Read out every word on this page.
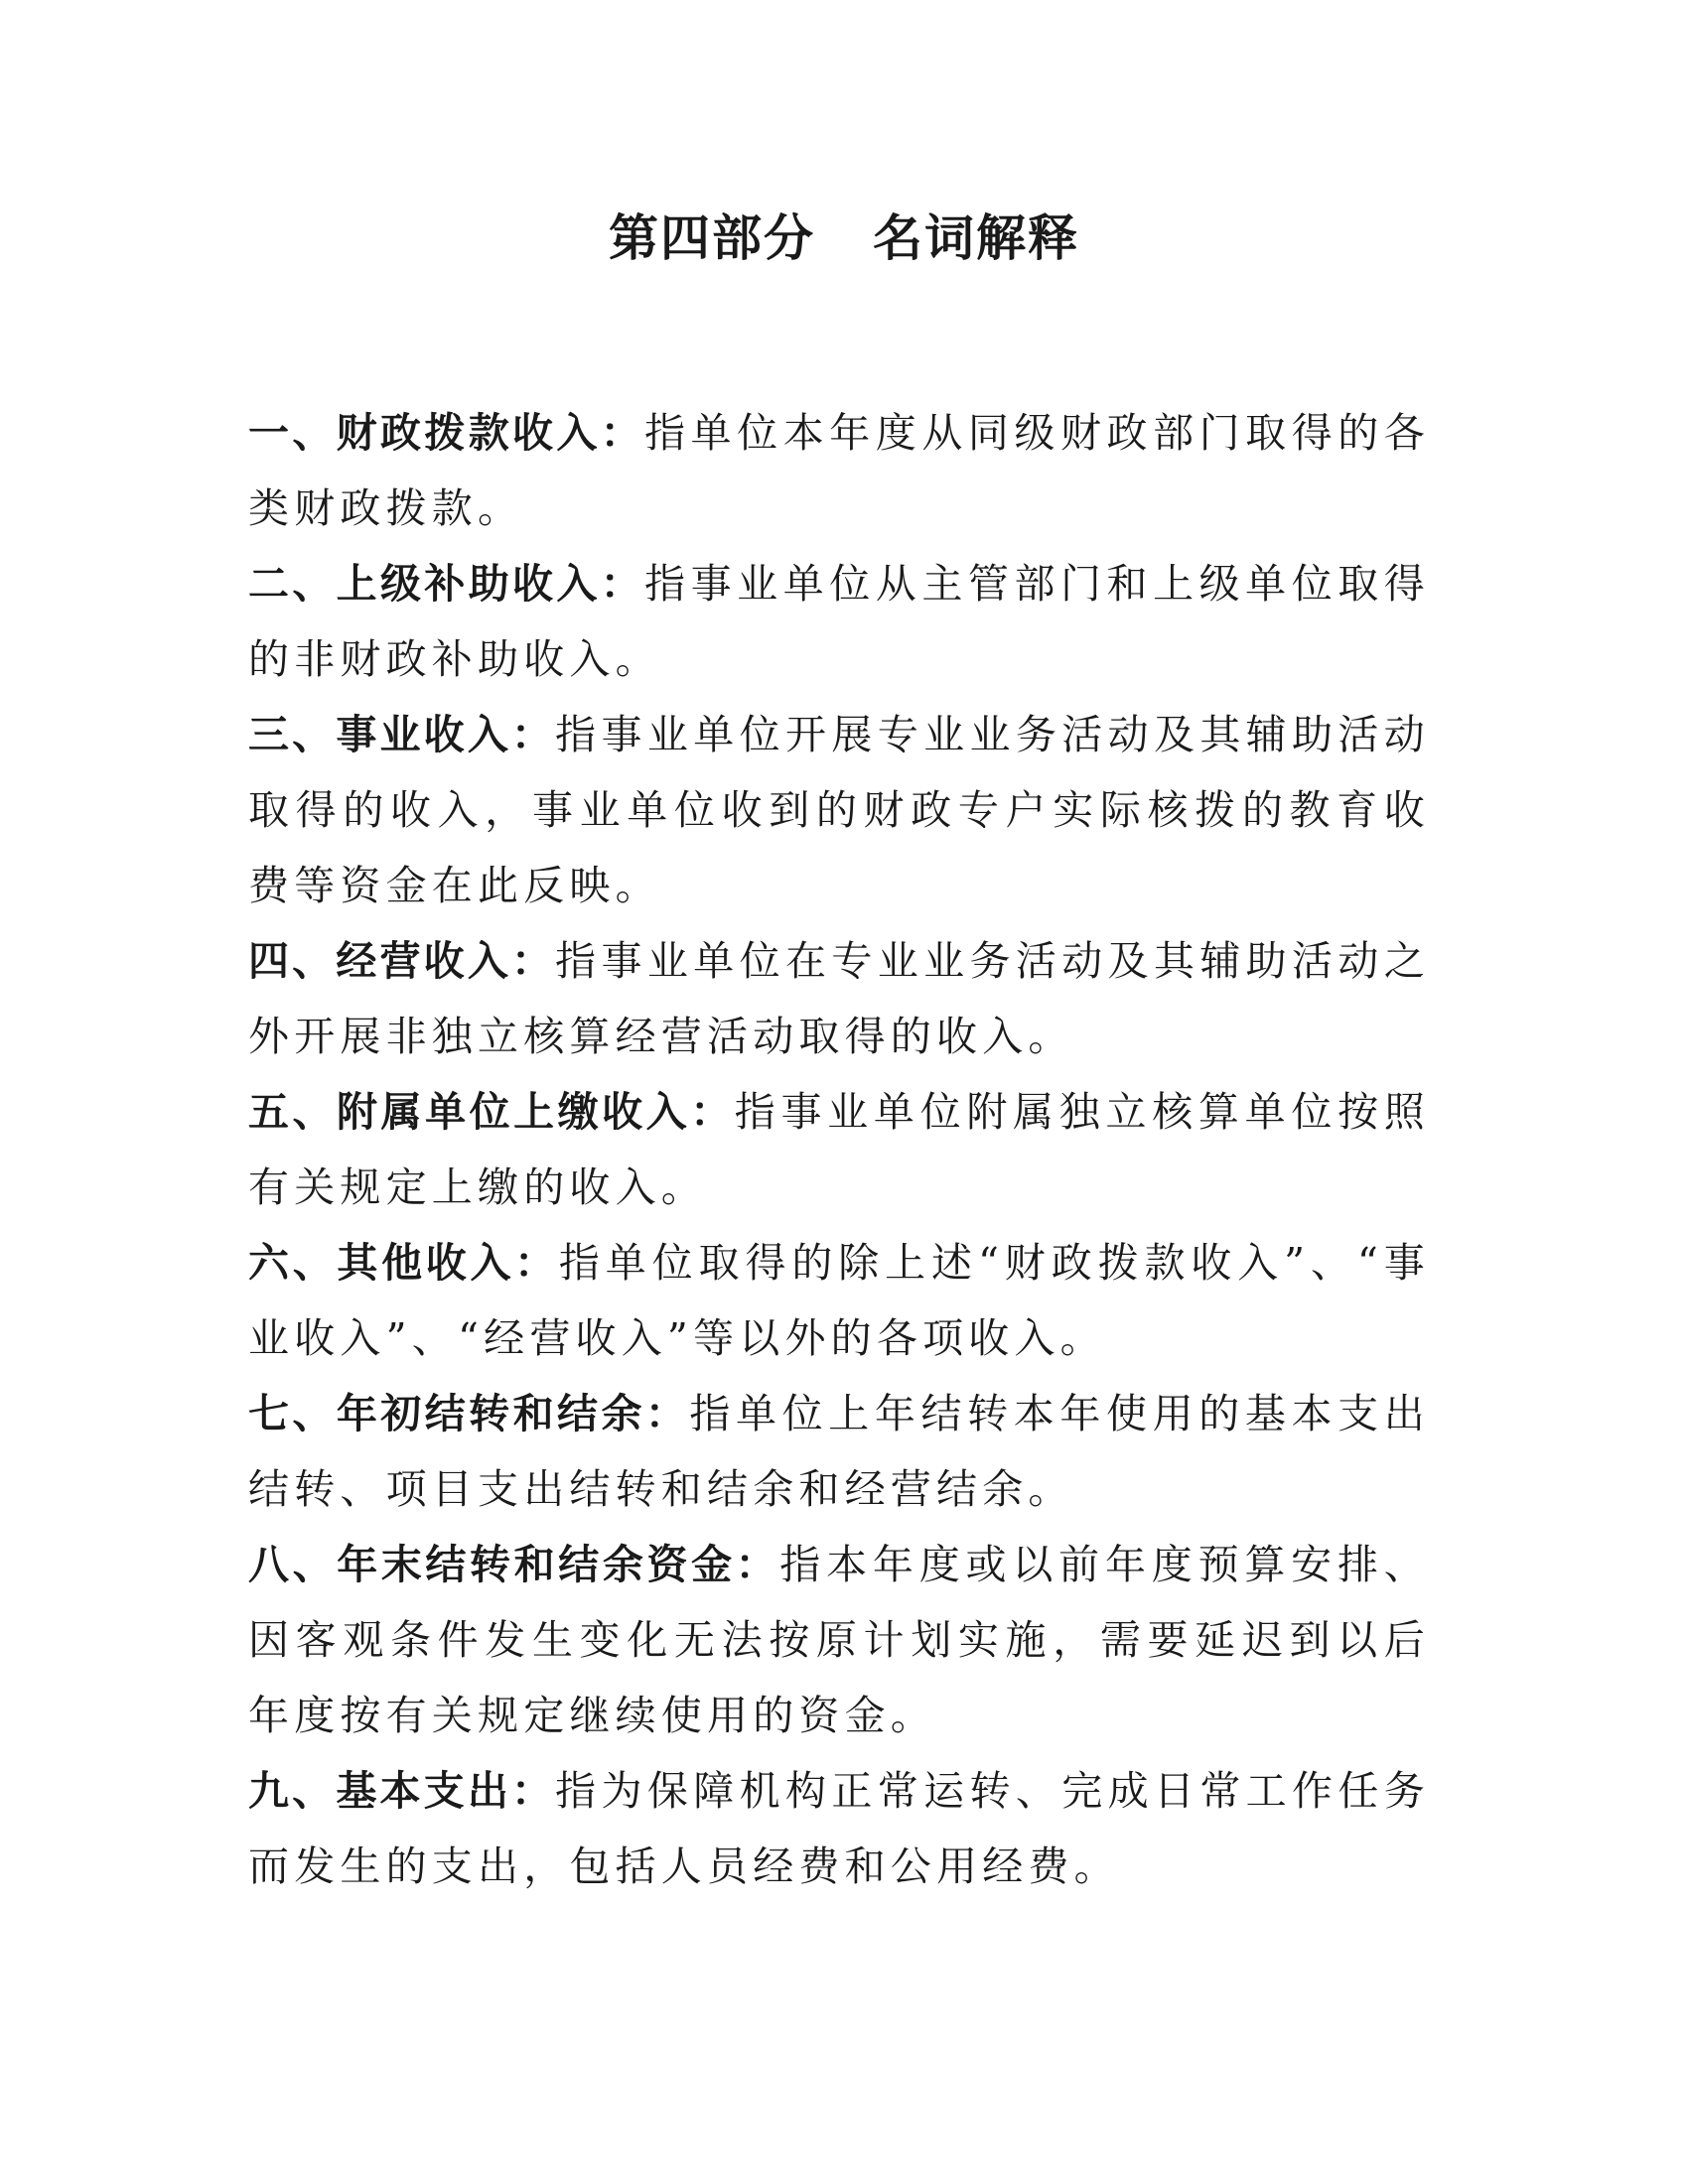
第四部分 名词解释
一、财政拨款收入：指单位本年度从同级财政部门取得的各类财政拨款。
二、上级补助收入：指事业单位从主管部门和上级单位取得的非财政补助收入。
三、事业收入：指事业单位开展专业业务活动及其辅助活动取得的收入，事业单位收到的财政专户实际核拨的教育收费等资金在此反映。
四、经营收入：指事业单位在专业业务活动及其辅助活动之外开展非独立核算经营活动取得的收入。
五、附属单位上缴收入：指事业单位附属独立核算单位按照有关规定上缴的收入。
六、其他收入：指单位取得的除上述“财政拨款收入”、“事业收入”、“经营收入”等以外的各项收入。
七、年初结转和结余：指单位上年结转本年使用的基本支出结转、项目支出结转和结余和经营结余。
八、年末结转和结余资金：指本年度或以前年度预算安排、因客观条件发生变化无法按原计划实施，需要延迟到以后年度按有关规定继续使用的资金。
九、基本支出：指为保障机构正常运转、完成日常工作任务而发生的支出，包括人员经费和公用经费。
